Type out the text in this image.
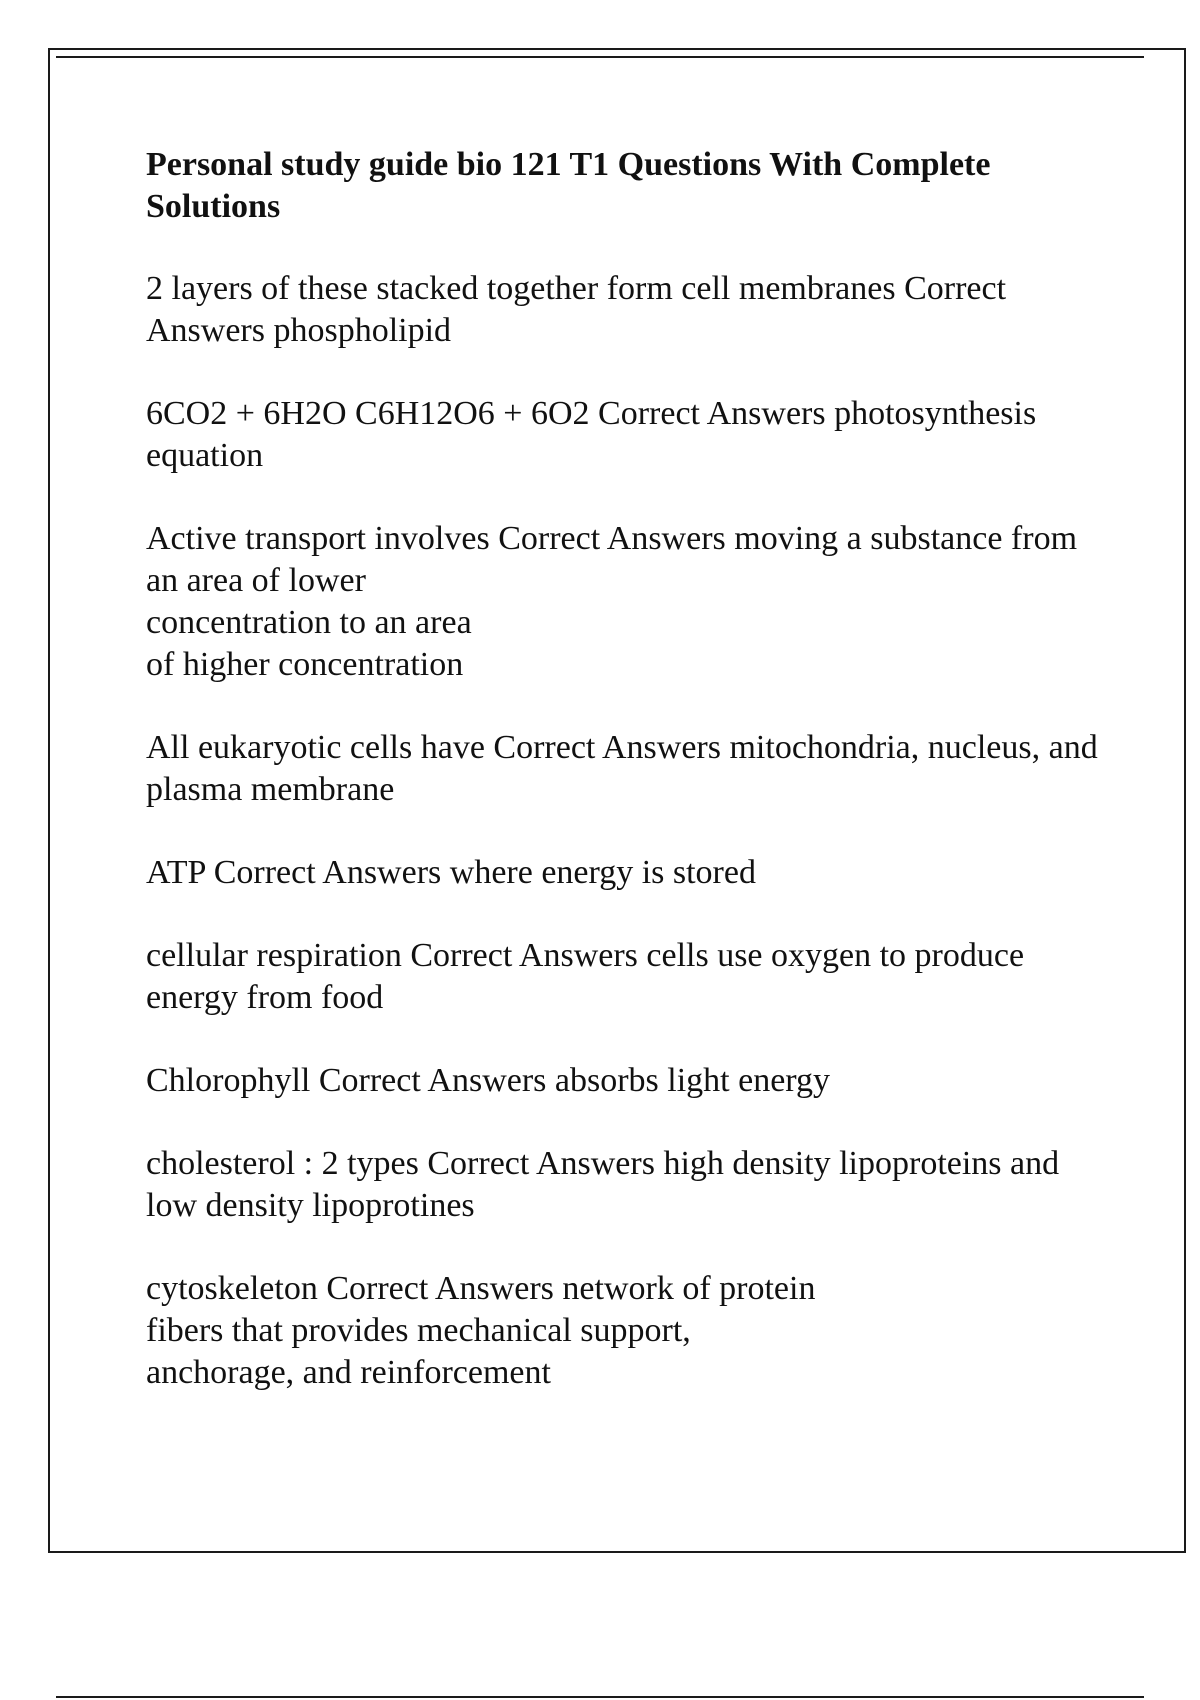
Personal study guide bio 121 T1 Questions With Complete Solutions
2 layers of these stacked together form cell membranes Correct Answers phospholipid
6CO2 + 6H2O C6H12O6 + 6O2 Correct Answers photosynthesis equation
Active transport involves Correct Answers moving a substance from
an area of lower
concentration to an area
of higher concentration
All eukaryotic cells have Correct Answers mitochondria, nucleus, and plasma membrane
ATP Correct Answers where energy is stored
cellular respiration Correct Answers cells use oxygen to produce energy from food
Chlorophyll Correct Answers absorbs light energy
cholesterol : 2 types Correct Answers high density lipoproteins and low density lipoprotines
cytoskeleton Correct Answers network of protein
fibers that provides mechanical support,
anchorage, and reinforcement
